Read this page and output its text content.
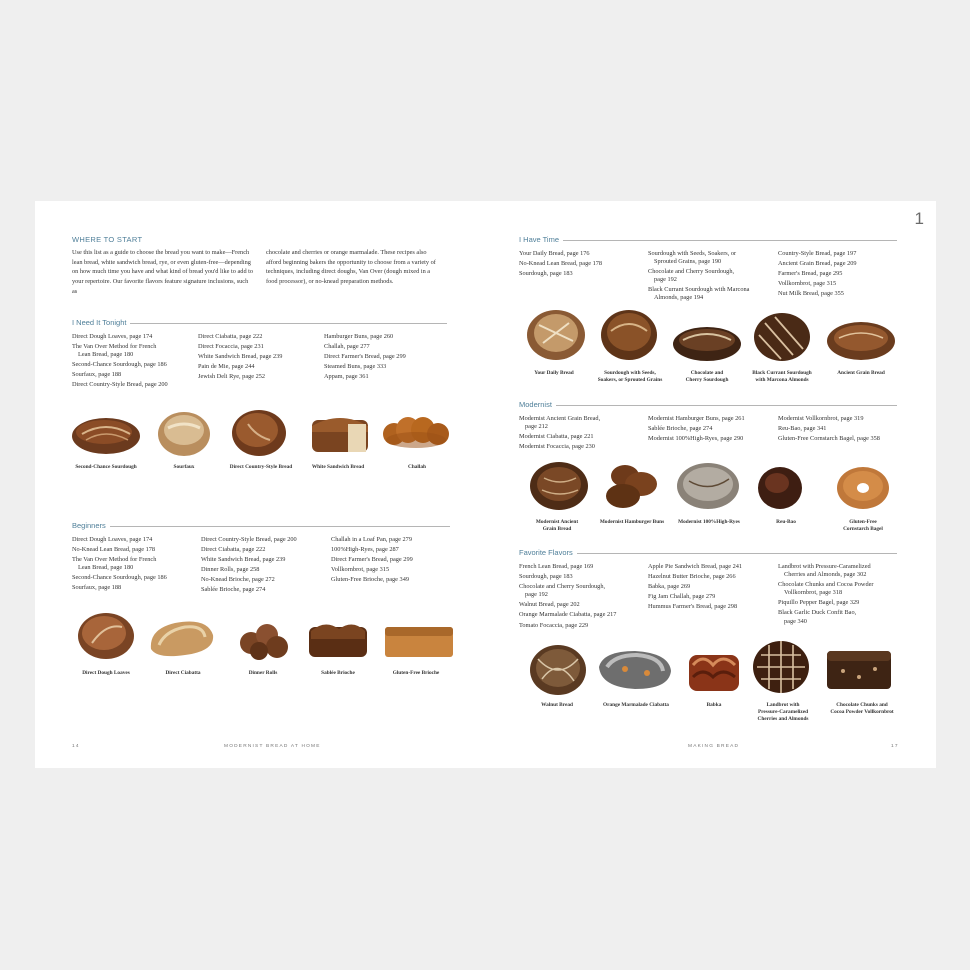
WHERE TO START
Use this list as a guide to choose the bread you want to make—French lean bread, white sandwich bread, rye, or even gluten-free—depending on how much time you have and what kind of bread you'd like to add to your repertoire. Our favorite flavors feature signature inclusions, such as
chocolate and cherries or orange marmalade. These recipes also afford beginning bakers the opportunity to choose from a variety of techniques, including direct doughs, Van Over (dough mixed in a food processor), or no-knead preparation methods.
I Need It Tonight
Direct Dough Loaves, page 174
The Van Over Method for French
Lean Bread, page 180
Second-Chance Sourdough, page 186
Sourfaux, page 188
Direct Country-Style Bread, page 200
Direct Ciabatta, page 222
Direct Focaccia, page 231
White Sandwich Bread, page 239
Pain de Mie, page 244
Jewish Deli Rye, page 252
Hamburger Buns, page 260
Challah, page 277
Direct Farmer's Bread, page 299
Steamed Buns, page 333
Appam, page 361
Second-Chance Sourdough	Sourfaux	Direct Country-Style Bread	White Sandwich Bread	Challah
Beginners
Direct Dough Loaves, page 174
No-Knead Lean Bread, page 178
The Van Over Method for French
Lean Bread, page 180
Second-Chance Sourdough, page 186
Sourfaux, page 188
Direct Country-Style Bread, page 200
Direct Ciabatta, page 222
White Sandwich Bread, page 239
Dinner Rolls, page 258
No-Knead Brioche, page 272
Sablée Brioche, page 274
Challah in a Loaf Pan, page 279
100%High-Ryes, page 287
Direct Farmer's Bread, page 299
Vollkornbrot, page 315
Gluten-Free Brioche, page 349
Direct Dough Loaves	Direct Ciabatta	Dinner Rolls	Sablée Brioche	Gluten-Free Brioche
14	MODERNIST BREAD AT HOME
1
I Have Time
Your Daily Bread, page 176
No-Knead Lean Bread, page 178
Sourdough, page 183
Sourdough with Seeds, Soakers, or
Sprouted Grains, page 190
Chocolate and Cherry Sourdough,
page 192
Black Currant Sourdough with Marcona
Almonds, page 194
Country-Style Bread, page 197
Ancient Grain Bread, page 209
Farmer's Bread, page 295
Vollkornbrot, page 315
Nut Milk Bread, page 355
Your Daily Bread	Sourdough with Seeds,
Soakers, or Sprouted Grains
Chocolate and
Cherry Sourdough
Black Currant Sourdough
with Marcona Almonds
Ancient Grain Bread
Modernist
Modernist Ancient Grain Bread,
page 212
Modernist Ciabatta, page 221
Modernist Focaccia, page 230
Modernist Hamburger Buns, page 261
Sablée Brioche, page 274
Modernist 100%High-Ryes, page 290
Modernist Vollkornbrot, page 319
Reu-Bao, page 341
Gluten-Free Cornstarch Bagel, page 358
Modernist Ancient
Grain Bread
Modernist Hamburger Buns	Modernist 100%High-Ryes	Reu-Bao	Gluten-Free
Cornstarch Bagel
Favorite Flavors
French Lean Bread, page 169
Sourdough, page 183
Chocolate and Cherry Sourdough,
page 192
Walnut Bread, page 202
Orange Marmalade Ciabatta, page 217
Tomato Focaccia, page 229
Apple Pie Sandwich Bread, page 241
Hazelnut Butter Brioche, page 266
Babka, page 269
Fig Jam Challah, page 279
Hummus Farmer's Bread, page 298
Landbrot with Pressure-Caramelized
Cherries and Almonds, page 302
Chocolate Chunks and Cocoa Powder
Vollkornbrot, page 318
Piquillo Pepper Bagel, page 329
Black Garlic Duck Confit Bao,
page 340
Walnut Bread	Orange Marmalade Ciabatta	Babka	Landbrot with
Pressure-Caramelized
Cherries and Almonds
Chocolate Chunks and
Cocoa Powder Vollkornbrot
MAKING BREAD	17
